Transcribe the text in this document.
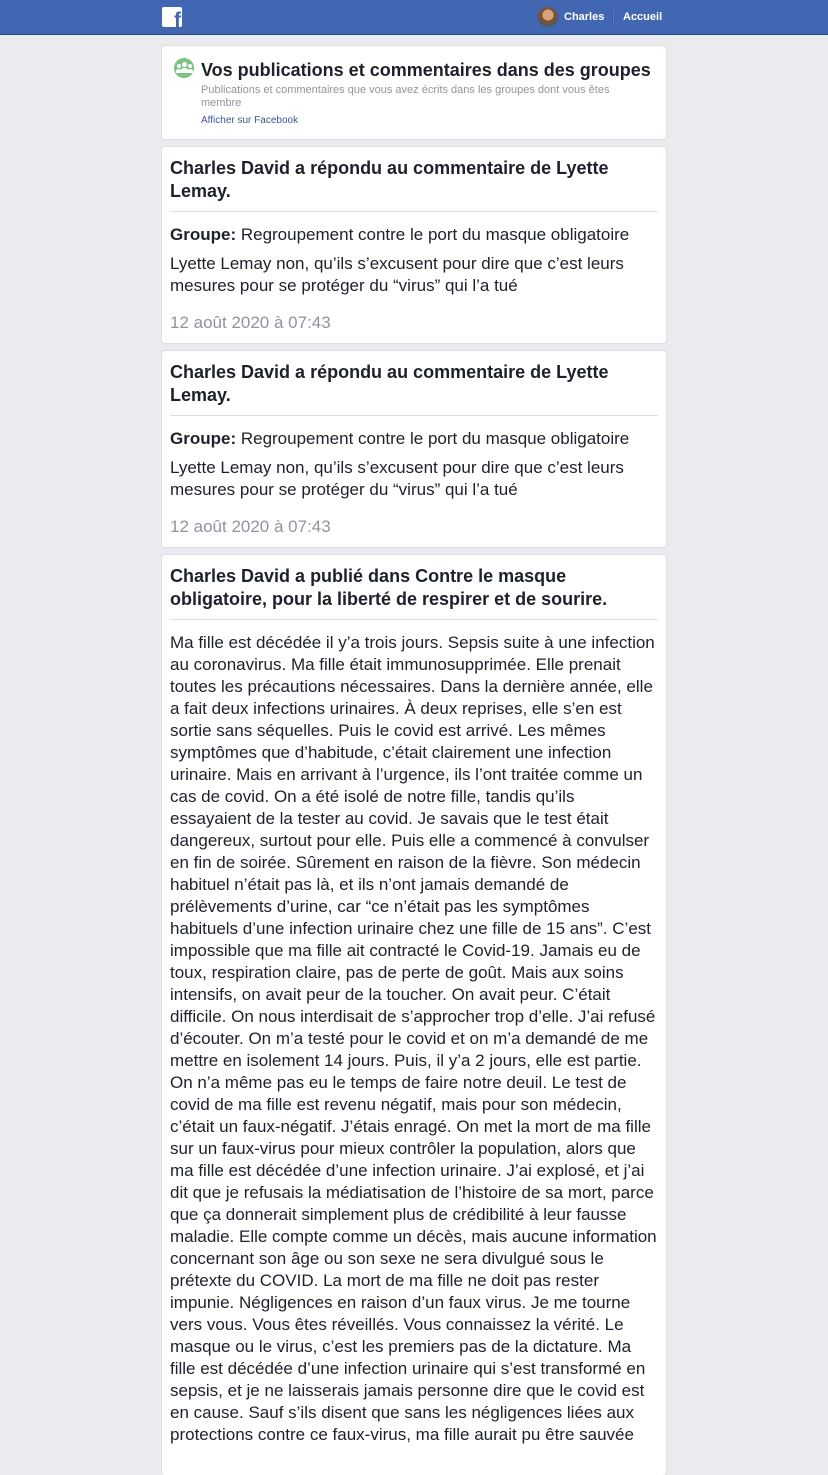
f	Charles Accueil
Vos publications et commentaires dans des groupes
Publications et commentaires que vous avez écrits dans les groupes dont vous êtes membre
Afficher sur Facebook
Charles David a répondu au commentaire de Lyette Lemay.
Groupe: Regroupement contre le port du masque obligatoire
Lyette Lemay non, qu’ils s’excusent pour dire que c’est leurs mesures pour se protéger du “virus” qui l’a tué
12 août 2020 à 07:43
Charles David a répondu au commentaire de Lyette Lemay.
Groupe: Regroupement contre le port du masque obligatoire
Lyette Lemay non, qu’ils s’excusent pour dire que c’est leurs mesures pour se protéger du “virus” qui l’a tué
12 août 2020 à 07:43
Charles David a publié dans Contre le masque obligatoire, pour la liberté de respirer et de sourire.
Ma fille est décédée il y’a trois jours. Sepsis suite à une infection au coronavirus. Ma fille était immunosupprimée. Elle prenait toutes les précautions nécessaires. Dans la dernière année, elle a fait deux infections urinaires. À deux reprises, elle s’en est sortie sans séquelles. Puis le covid est arrivé. Les mêmes symptômes que d’habitude, c’était clairement une infection urinaire. Mais en arrivant à l’urgence, ils l’ont traitée comme un cas de covid. On a été isolé de notre fille, tandis qu’ils essayaient de la tester au covid. Je savais que le test était dangereux, surtout pour elle. Puis elle a commencé à convulser en fin de soirée. Sûrement en raison de la fièvre. Son médecin habituel n’était pas là, et ils n’ont jamais demandé de prélèvements d’urine, car “ce n’était pas les symptômes habituels d’une infection urinaire chez une fille de 15 ans”. C’est impossible que ma fille ait contracté le Covid-19. Jamais eu de toux, respiration claire, pas de perte de goût. Mais aux soins intensifs, on avait peur de la toucher. On avait peur. C’était difficile. On nous interdisait de s’approcher trop d’elle. J’ai refusé d’écouter. On m’a testé pour le covid et on m’a demandé de me mettre en isolement 14 jours. Puis, il y’a 2 jours, elle est partie. On n’a même pas eu le temps de faire notre deuil. Le test de covid de ma fille est revenu négatif, mais pour son médecin, c’était un faux-négatif. J’étais enragé. On met la mort de ma fille sur un faux-virus pour mieux contrôler la population, alors que ma fille est décédée d’une infection urinaire. J’ai explosé, et j’ai dit que je refusais la médiatisation de l’histoire de sa mort, parce que ça donnerait simplement plus de crédibilité à leur fausse maladie. Elle compte comme un décès, mais aucune information concernant son âge ou son sexe ne sera divulgué sous le prétexte du COVID. La mort de ma fille ne doit pas rester impunie. Négligences en raison d’un faux virus. Je me tourne vers vous. Vous êtes réveillés. Vous connaissez la vérité. Le masque ou le virus, c’est les premiers pas de la dictature. Ma fille est décédée d’une infection urinaire qui s’est transformé en sepsis, et je ne laisserais jamais personne dire que le covid est en cause. Sauf s’ils disent que sans les négligences liées aux protections contre ce faux-virus, ma fille aurait pu être sauvée
